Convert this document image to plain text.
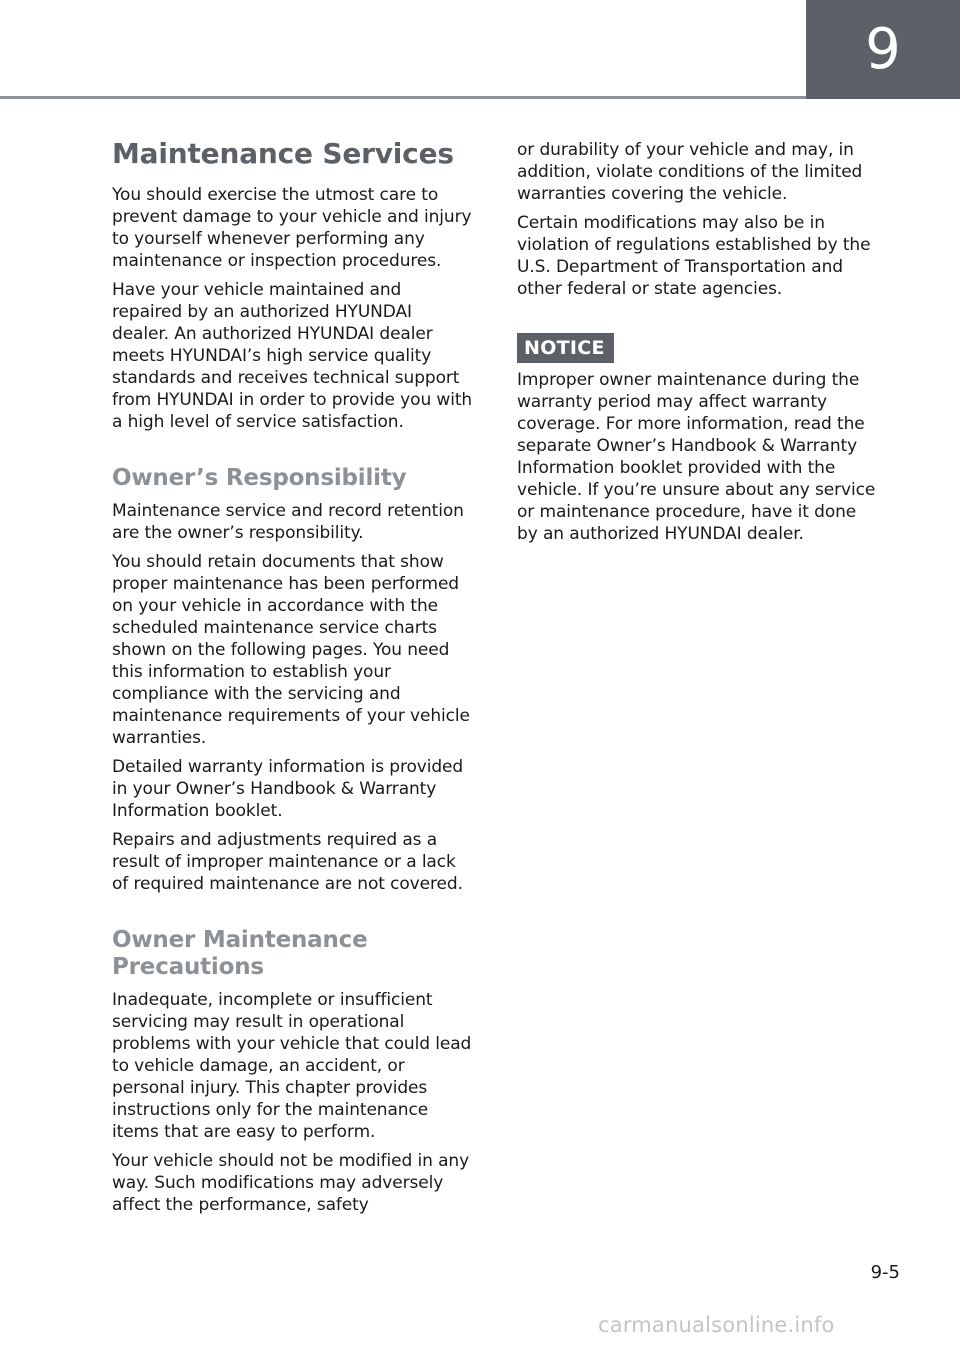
9
Maintenance Services

You should exercise the utmost care to prevent damage to your vehicle and injury to yourself whenever performing any maintenance or inspection procedures.

Have your vehicle maintained and repaired by an authorized HYUNDAI dealer. An authorized HYUNDAI dealer meets HYUNDAI’s high service quality standards and receives technical support from HYUNDAI in order to provide you with a high level of service satisfaction.

Owner’s Responsibility

Maintenance service and record retention are the owner’s responsibility.

You should retain documents that show proper maintenance has been performed on your vehicle in accordance with the scheduled maintenance service charts shown on the following pages. You need this information to establish your compliance with the servicing and maintenance requirements of your vehicle warranties.

Detailed warranty information is provided in your Owner’s Handbook & Warranty Information booklet.

Repairs and adjustments required as a result of improper maintenance or a lack of required maintenance are not covered.

Owner Maintenance
Precautions

Inadequate, incomplete or insufficient servicing may result in operational problems with your vehicle that could lead to vehicle damage, an accident, or personal injury. This chapter provides instructions only for the maintenance items that are easy to perform.

Your vehicle should not be modified in any way. Such modifications may adversely affect the performance, safety

or durability of your vehicle and may, in addition, violate conditions of the limited warranties covering the vehicle.

Certain modifications may also be in violation of regulations established by the U.S. Department of Transportation and other federal or state agencies.

NOTICE

Improper owner maintenance during the warranty period may affect warranty coverage. For more information, read the separate Owner’s Handbook & Warranty Information booklet provided with the vehicle. If you’re unsure about any service or maintenance procedure, have it done by an authorized HYUNDAI dealer.

9-5
carmanualsonline.info
